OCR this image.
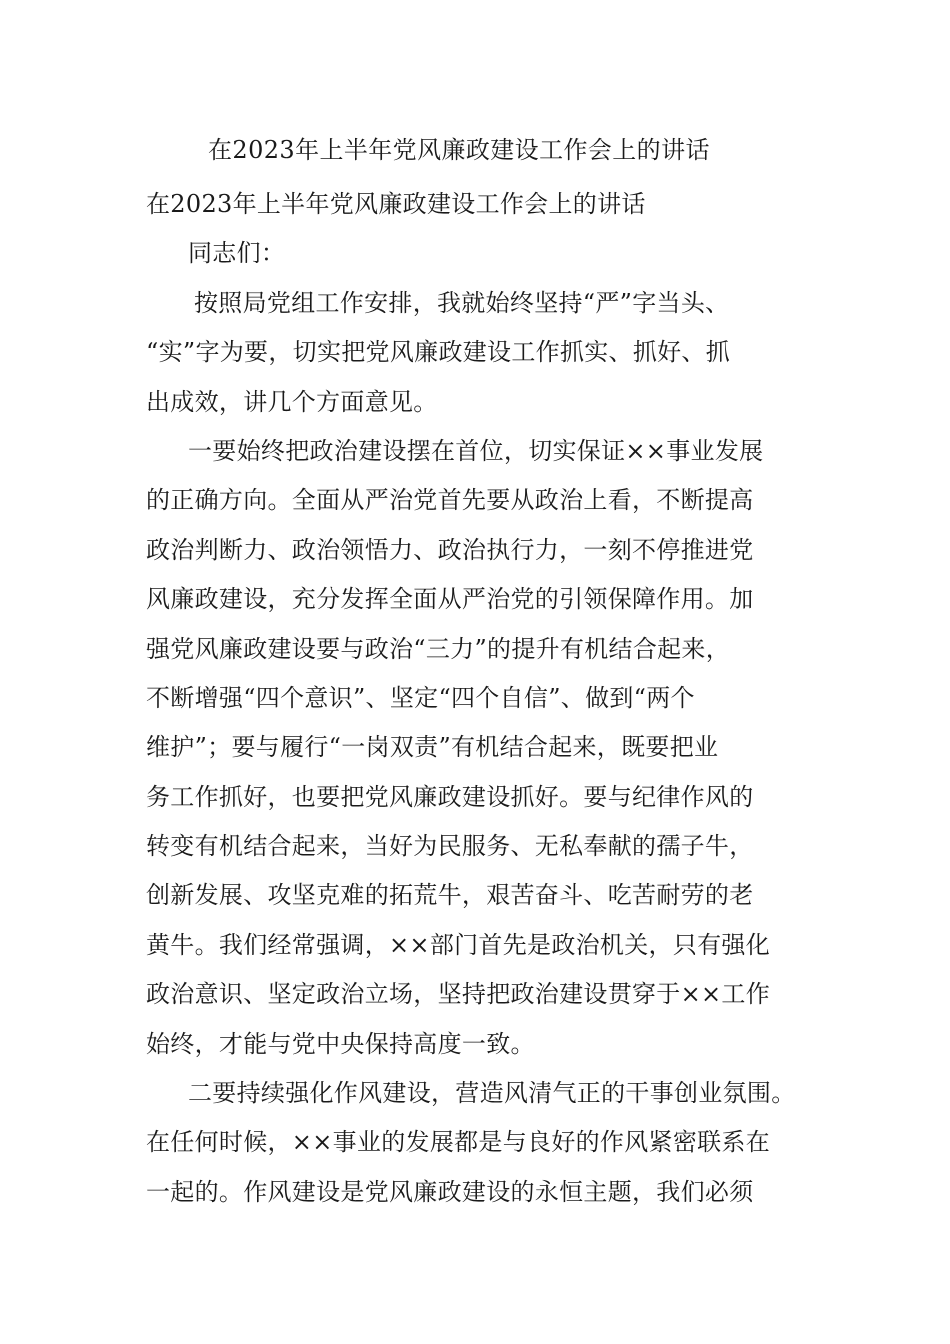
在2023年上半年党风廉政建设工作会上的讲话
在2023年上半年党风廉政建设工作会上的讲话
同志们：
按照局党组工作安排，我就始终坚持“严”字当头、
“实”字为要，切实把党风廉政建设工作抓实、抓好、抓
出成效，讲几个方面意见。
一要始终把政治建设摆在首位，切实保证××事业发展
的正确方向。全面从严治党首先要从政治上看，不断提高
政治判断力、政治领悟力、政治执行力，一刻不停推进党
风廉政建设，充分发挥全面从严治党的引领保障作用。加
强党风廉政建设要与政治“三力”的提升有机结合起来，
不断增强“四个意识”、坚定“四个自信”、做到“两个
维护”；要与履行“一岗双责”有机结合起来，既要把业
务工作抓好，也要把党风廉政建设抓好。要与纪律作风的
转变有机结合起来，当好为民服务、无私奉献的孺子牛，
创新发展、攻坚克难的拓荒牛，艰苦奋斗、吃苦耐劳的老
黄牛。我们经常强调，××部门首先是政治机关，只有强化
政治意识、坚定政治立场，坚持把政治建设贯穿于××工作
始终，才能与党中央保持高度一致。
二要持续强化作风建设，营造风清气正的干事创业氛围。
在任何时候，××事业的发展都是与良好的作风紧密联系在
一起的。作风建设是党风廉政建设的永恒主题，我们必须
